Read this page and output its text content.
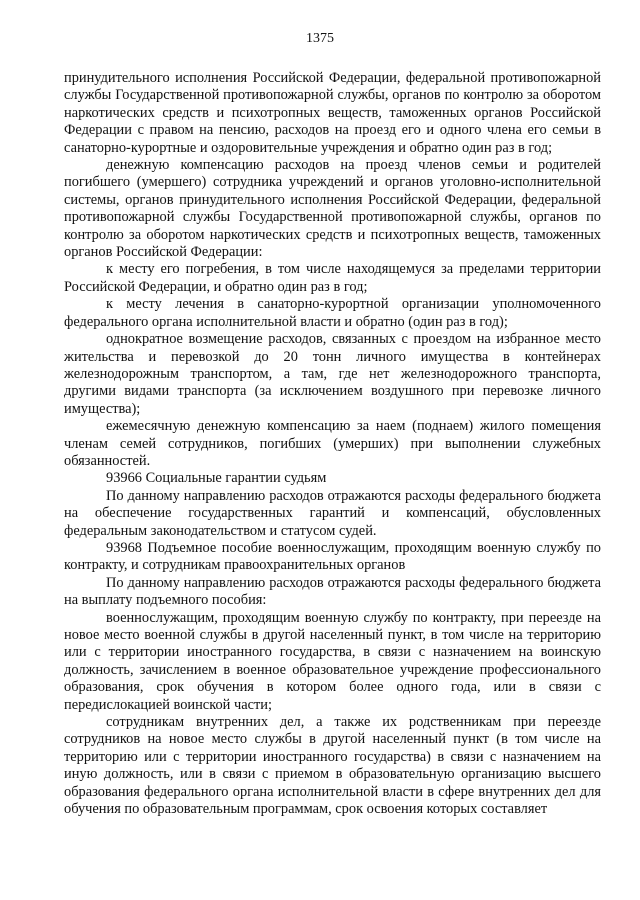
1375

принудительного исполнения Российской Федерации, федеральной противопожарной службы Государственной противопожарной службы, органов по контролю за оборотом наркотических средств и психотропных веществ, таможенных органов Российской Федерации с правом на пенсию, расходов на проезд его и одного члена его семьи в санаторно-курортные и оздоровительные учреждения и обратно один раз в год;

денежную компенсацию расходов на проезд членов семьи и родителей погибшего (умершего) сотрудника учреждений и органов уголовно-исполнительной системы, органов принудительного исполнения Российской Федерации, федеральной противопожарной службы Государственной противопожарной службы, органов по контролю за оборотом наркотических средств и психотропных веществ, таможенных органов Российской Федерации:

к месту его погребения, в том числе находящемуся за пределами территории Российской Федерации, и обратно один раз в год;

к месту лечения в санаторно-курортной организации уполномоченного федерального органа исполнительной власти и обратно (один раз в год);

однократное возмещение расходов, связанных с проездом на избранное место жительства и перевозкой до 20 тонн личного имущества в контейнерах железнодорожным транспортом, а там, где нет железнодорожного транспорта, другими видами транспорта (за исключением воздушного при перевозке личного имущества);

ежемесячную денежную компенсацию за наем (поднаем) жилого помещения членам семей сотрудников, погибших (умерших) при выполнении служебных обязанностей.

93966 Социальные гарантии судьям

По данному направлению расходов отражаются расходы федерального бюджета на обеспечение государственных гарантий и компенсаций, обусловленных федеральным законодательством и статусом судей.

93968 Подъемное пособие военнослужащим, проходящим военную службу по контракту, и сотрудникам правоохранительных органов

По данному направлению расходов отражаются расходы федерального бюджета на выплату подъемного пособия:

военнослужащим, проходящим военную службу по контракту, при переезде на новое место военной службы в другой населенный пункт, в том числе на территорию или с территории иностранного государства, в связи с назначением на воинскую должность, зачислением в военное образовательное учреждение профессионального образования, срок обучения в котором более одного года, или в связи с передислокацией воинской части;

сотрудникам внутренних дел, а также их родственникам при переезде сотрудников на новое место службы в другой населенный пункт (в том числе на территорию или с территории иностранного государства) в связи с назначением на иную должность, или в связи с приемом в образовательную организацию высшего образования федерального органа исполнительной власти в сфере внутренних дел для обучения по образовательным программам, срок освоения которых составляет
